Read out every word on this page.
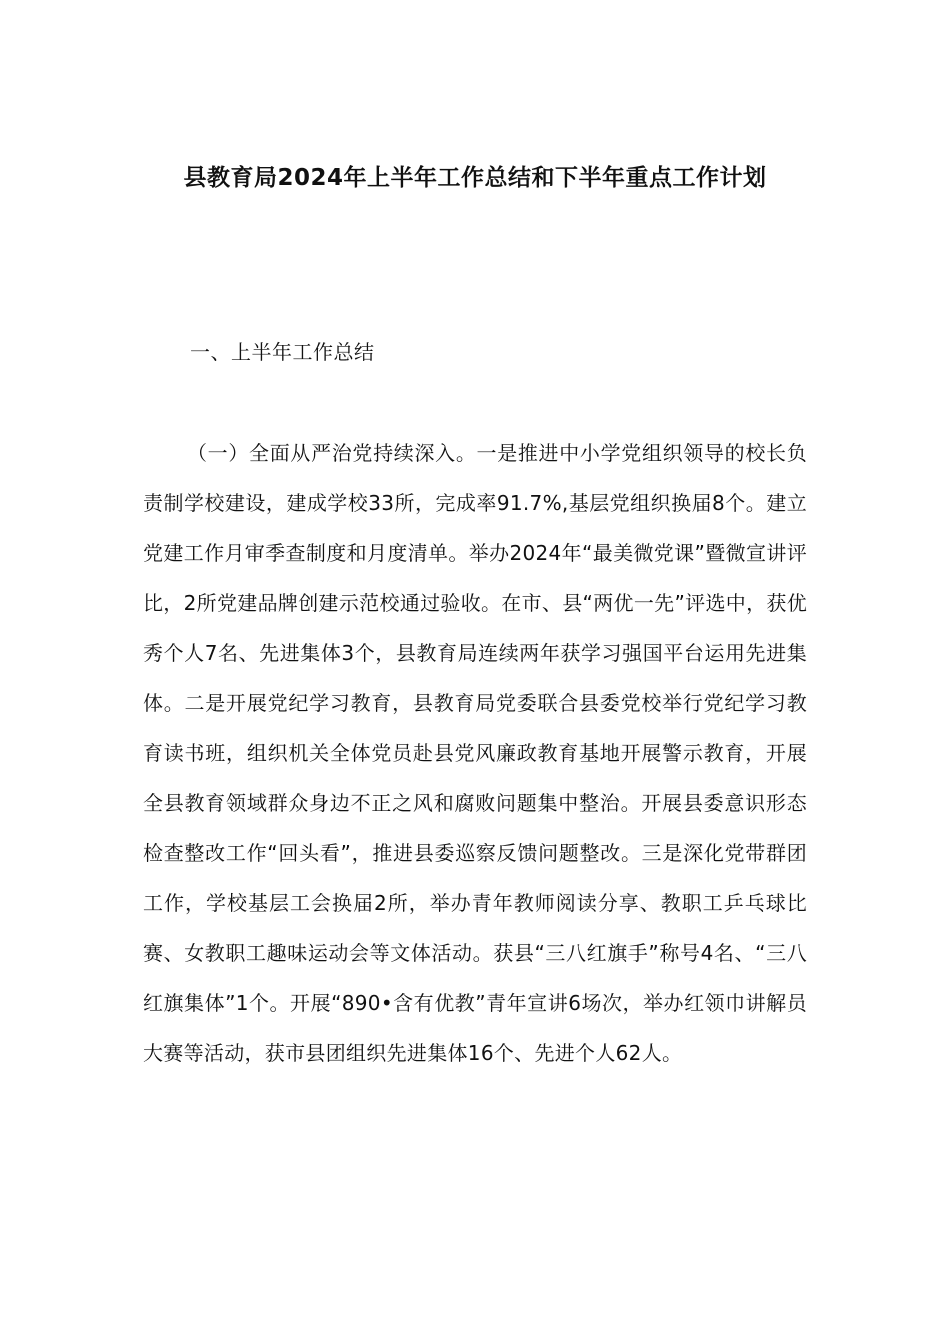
县教育局2024年上半年工作总结和下半年重点工作计划

一、上半年工作总结

（一）全面从严治党持续深入。一是推进中小学党组织领导的校长负责制学校建设，建成学校33所，完成率91.7%,基层党组织换届8个。建立党建工作月审季查制度和月度清单。举办2024年“最美微党课”暨微宣讲评比，2所党建品牌创建示范校通过验收。在市、县“两优一先”评选中，获优秀个人7名、先进集体3个，县教育局连续两年获学习强国平台运用先进集体。二是开展党纪学习教育，县教育局党委联合县委党校举行党纪学习教育读书班，组织机关全体党员赴县党风廉政教育基地开展警示教育，开展全县教育领域群众身边不正之风和腐败问题集中整治。开展县委意识形态检查整改工作“回头看”，推进县委巡察反馈问题整改。三是深化党带群团工作，学校基层工会换届2所，举办青年教师阅读分享、教职工乒乓球比赛、女教职工趣味运动会等文体活动。获县“三八红旗手”称号4名、“三八红旗集体”1个。开展“890•含有优教”青年宣讲6场次，举办红领巾讲解员大赛等活动，获市县团组织先进集体16个、先进个人62人。
